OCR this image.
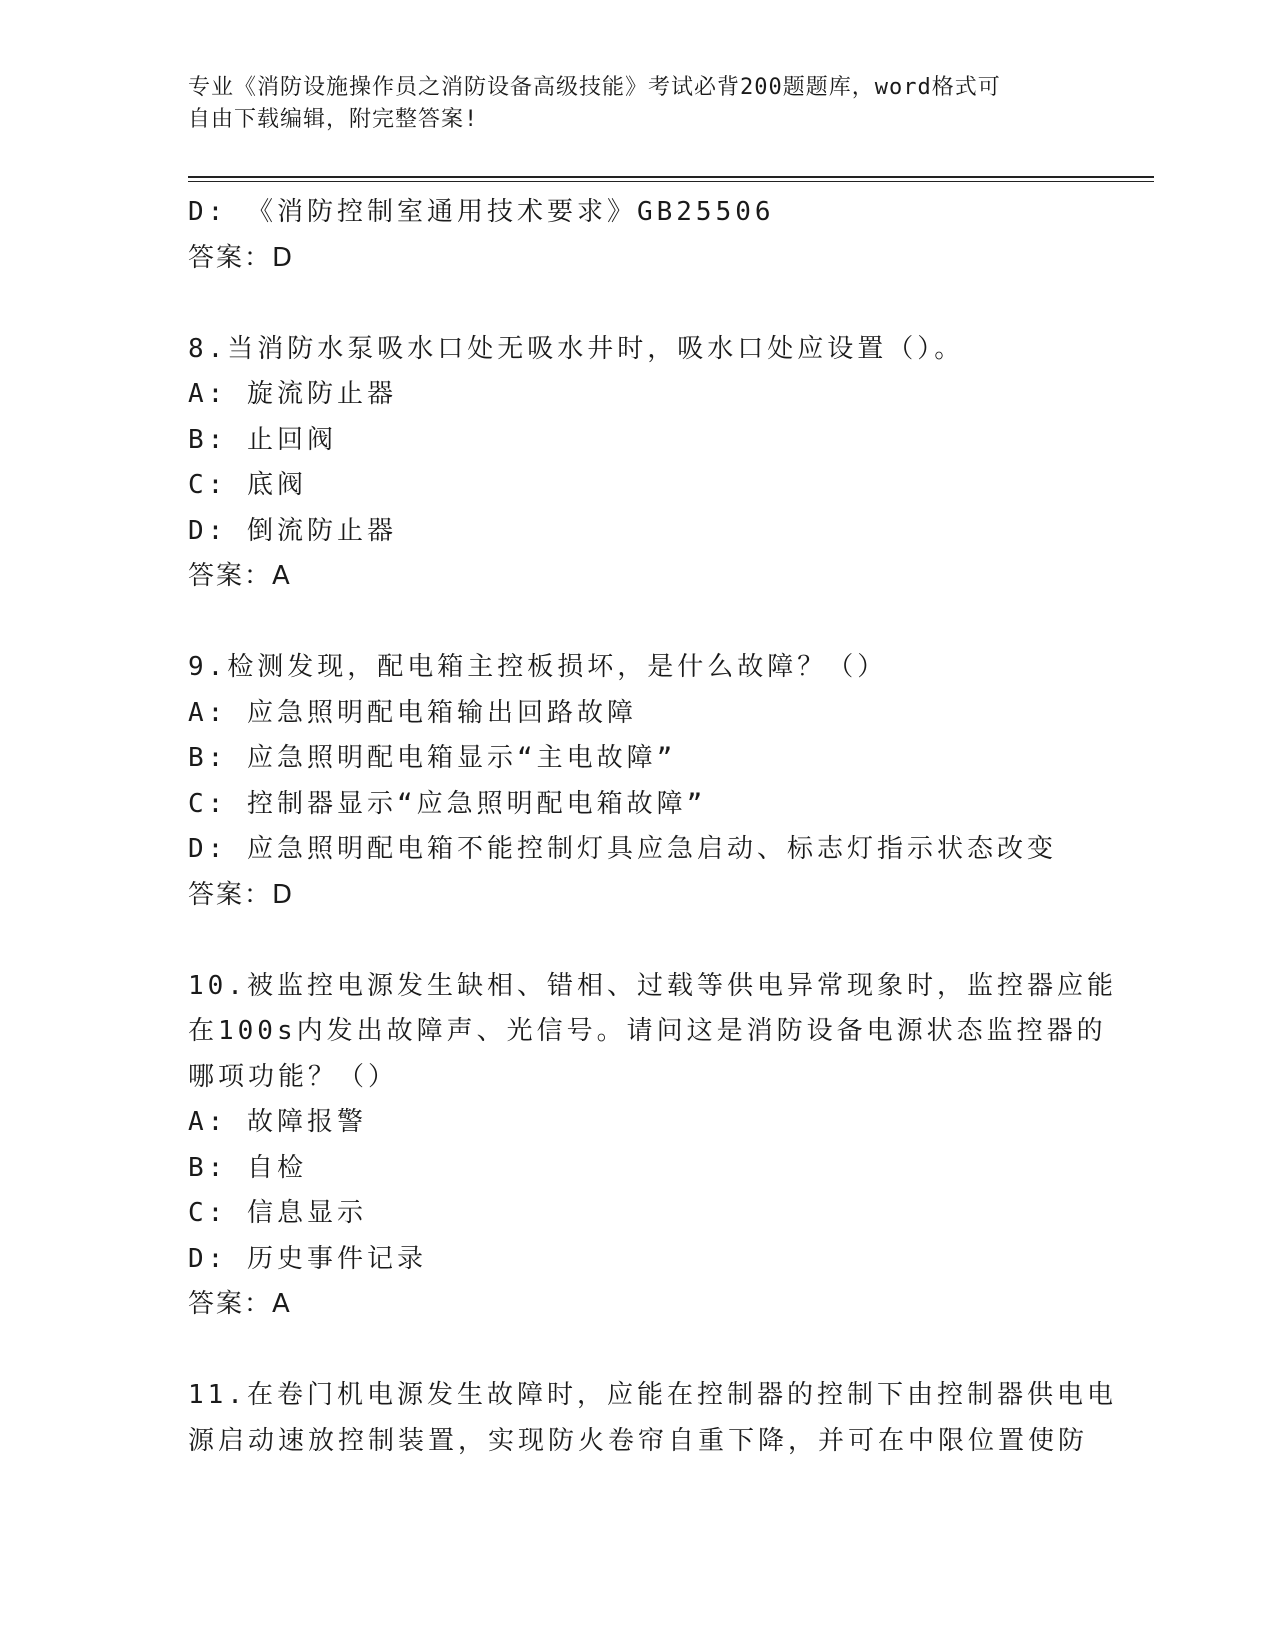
专业《消防设施操作员之消防设备高级技能》考试必背200题题库，word格式可
自由下载编辑，附完整答案!
D: 《消防控制室通用技术要求》GB25506
答案：D
8.当消防水泵吸水口处无吸水井时，吸水口处应设置（）。
A: 旋流防止器
B: 止回阀
C: 底阀
D: 倒流防止器
答案：A
9.检测发现，配电箱主控板损坏，是什么故障？（）
A: 应急照明配电箱输出回路故障
B: 应急照明配电箱显示“主电故障”
C: 控制器显示“应急照明配电箱故障”
D: 应急照明配电箱不能控制灯具应急启动、标志灯指示状态改变
答案：D
10.被监控电源发生缺相、错相、过载等供电异常现象时，监控器应能
在100s内发出故障声、光信号。请问这是消防设备电源状态监控器的
哪项功能？（）
A: 故障报警
B: 自检
C: 信息显示
D: 历史事件记录
答案：A
11.在卷门机电源发生故障时，应能在控制器的控制下由控制器供电电
源启动速放控制装置，实现防火卷帘自重下降，并可在中限位置使防
